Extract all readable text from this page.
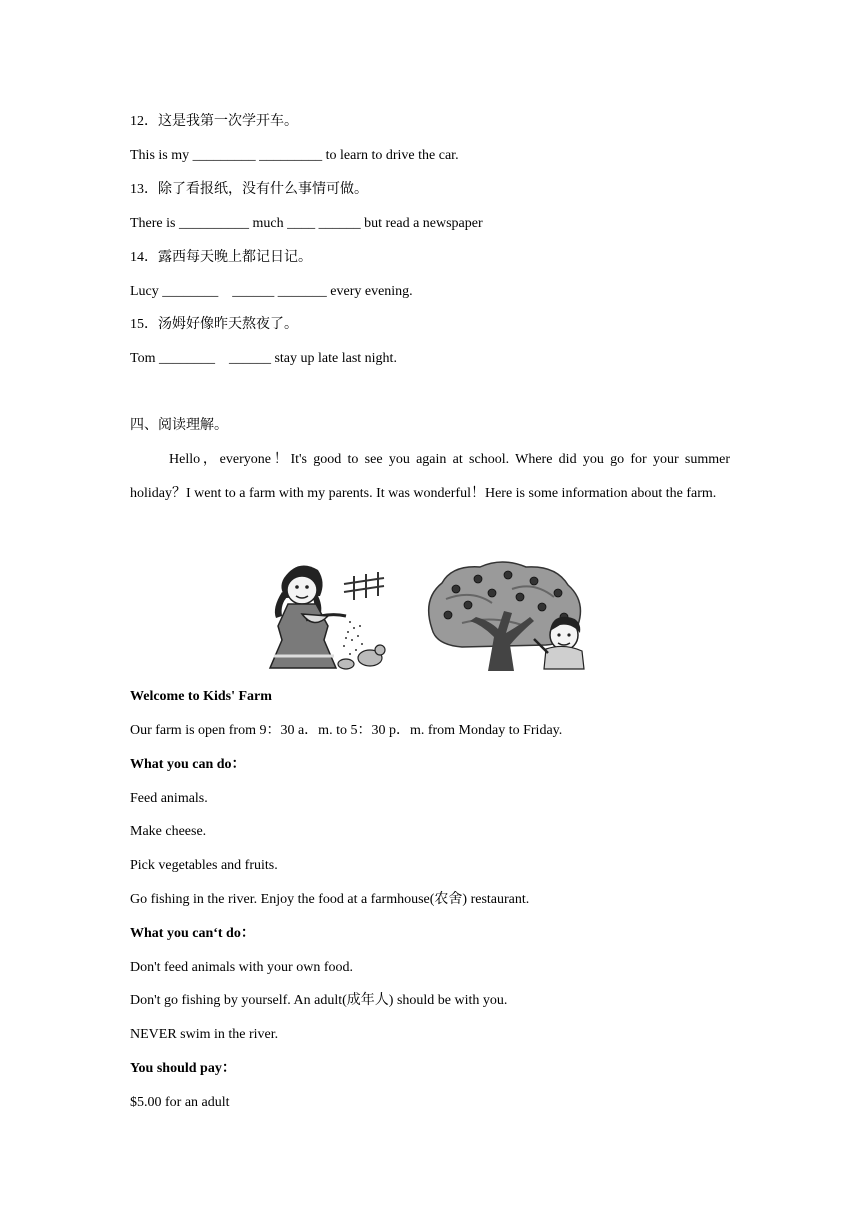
12．这是我第一次学开车。
This is my _________ _________ to learn to drive the car.
13．除了看报纸，没有什么事情可做。
There is __________ much ____ ______ but read a newspaper
14．露西每天晚上都记日记。
Lucy ________    ______ _______ every evening.
15．汤姆好像昨天熬夜了。
Tom ________    ______ stay up late last night.
四、阅读理解。
Hello，everyone！It's good to see you again at school. Where did you go for your summer holiday？I went to a farm with my parents. It was wonderful！Here is some information about the farm.
Welcome to Kids' Farm
Our farm is open from 9：30 a．m. to 5：30 p．m. from Monday to Friday.
What you can do：
Feed animals.
Make cheese.
Pick vegetables and fruits.
Go fishing in the river. Enjoy the food at a farmhouse(农舍) restaurant.
What you can‘t do：
Don't feed animals with your own food.
Don't go fishing by yourself. An adult(成年人) should be with you.
NEVER swim in the river.
You should pay：
$5.00 for an adult
